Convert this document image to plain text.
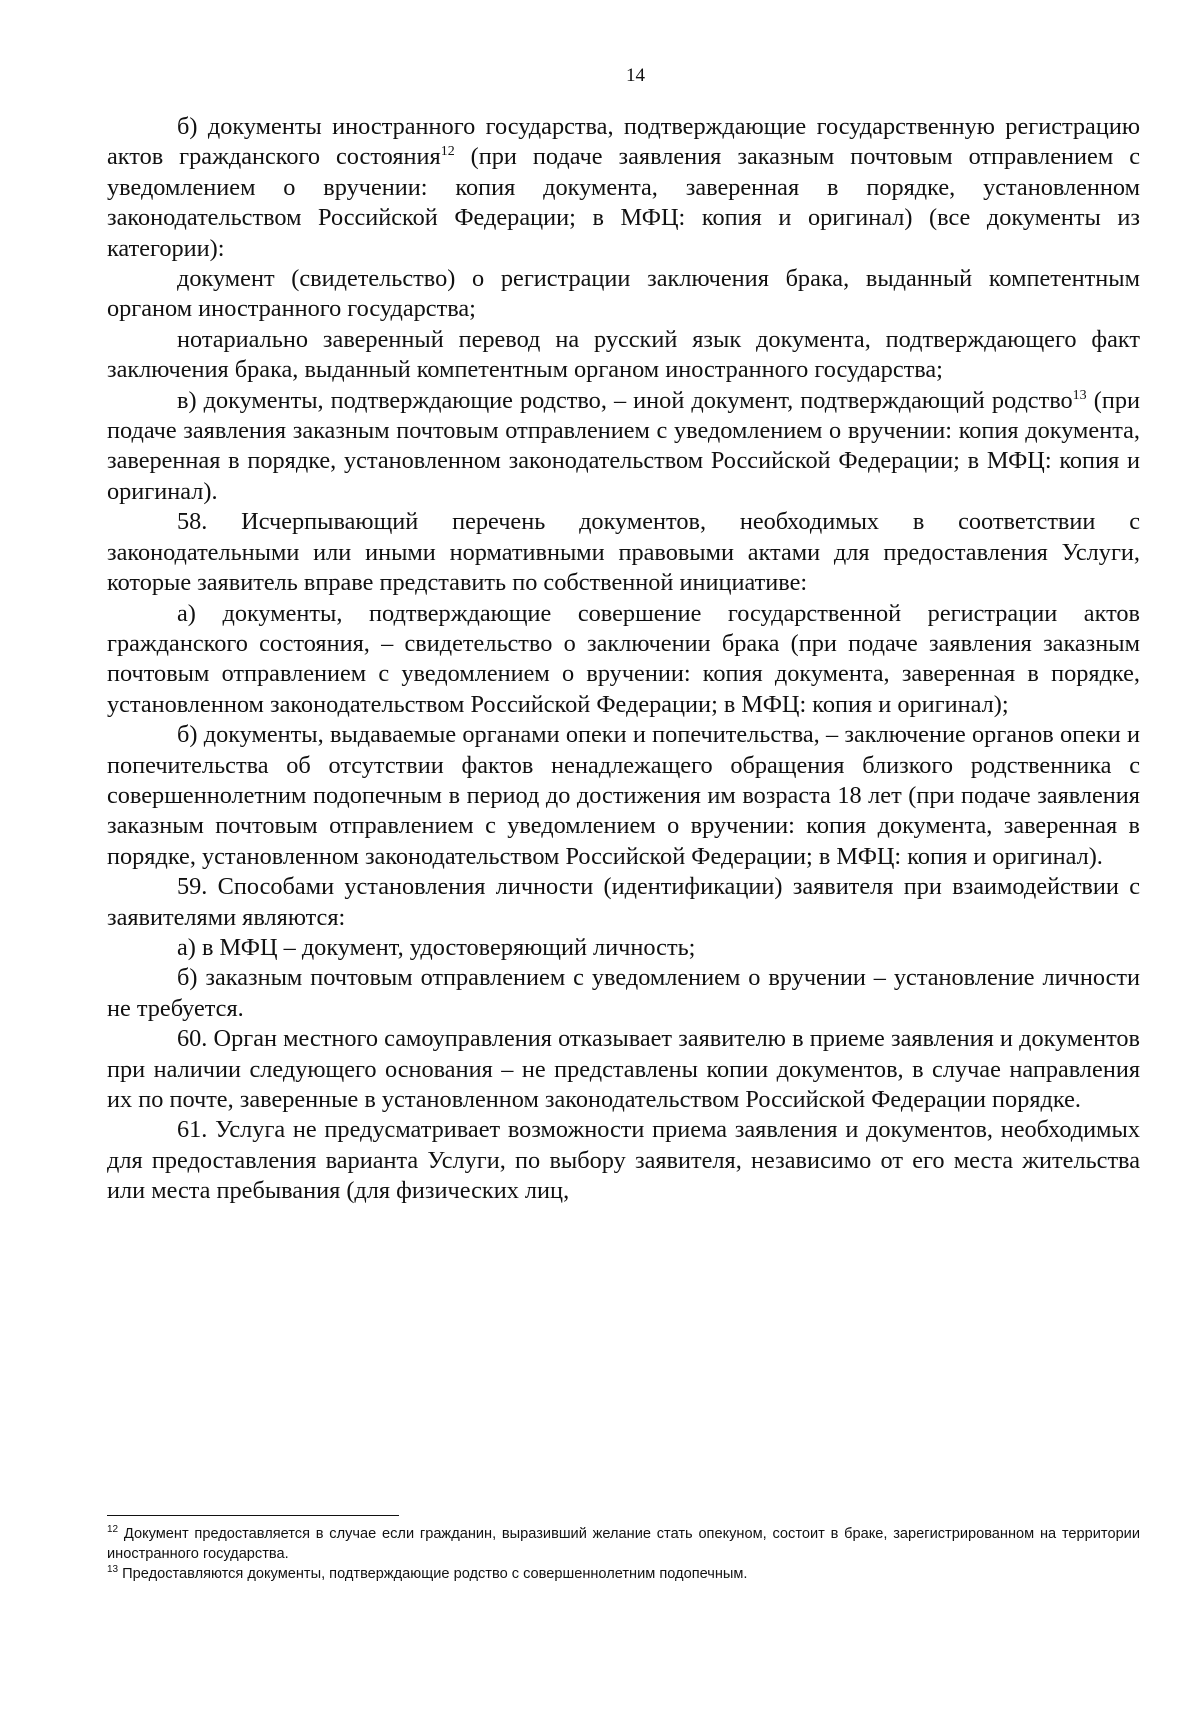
14

б) документы иностранного государства, подтверждающие государственную регистрацию актов гражданского состояния$^{12}$ (при подаче заявления заказным почтовым отправлением с уведомлением о вручении: копия документа, заверенная в порядке, установленном законодательством Российской Федерации; в МФЦ: копия и оригинал) (все документы из категории):

документ (свидетельство) о регистрации заключения брака, выданный компетентным органом иностранного государства;

нотариально заверенный перевод на русский язык документа, подтверждающего факт заключения брака, выданный компетентным органом иностранного государства;

в) документы, подтверждающие родство, – иной документ, подтверждающий родство$^{13}$ (при подаче заявления заказным почтовым отправлением с уведомлением о вручении: копия документа, заверенная в порядке, установленном законодательством Российской Федерации; в МФЦ: копия и оригинал).

58. Исчерпывающий перечень документов, необходимых в соответствии с законодательными или иными нормативными правовыми актами для предоставления Услуги, которые заявитель вправе представить по собственной инициативе:

а) документы, подтверждающие совершение государственной регистрации актов гражданского состояния, – свидетельство о заключении брака (при подаче заявления заказным почтовым отправлением с уведомлением о вручении: копия документа, заверенная в порядке, установленном законодательством Российской Федерации; в МФЦ: копия и оригинал);

б) документы, выдаваемые органами опеки и попечительства, – заключение органов опеки и попечительства об отсутствии фактов ненадлежащего обращения близкого родственника с совершеннолетним подопечным в период до достижения им возраста 18 лет (при подаче заявления заказным почтовым отправлением с уведомлением о вручении: копия документа, заверенная в порядке, установленном законодательством Российской Федерации; в МФЦ: копия и оригинал).

59. Способами установления личности (идентификации) заявителя при взаимодействии с заявителями являются:

а) в МФЦ – документ, удостоверяющий личность;

б) заказным почтовым отправлением с уведомлением о вручении – установление личности не требуется.

60. Орган местного самоуправления отказывает заявителю в приеме заявления и документов при наличии следующего основания – не представлены копии документов, в случае направления их по почте, заверенные в установленном законодательством Российской Федерации порядке.

61. Услуга не предусматривает возможности приема заявления и документов, необходимых для предоставления варианта Услуги, по выбору заявителя, независимо от его места жительства или места пребывания (для физических лиц,

$^{12}$ Документ предоставляется в случае если гражданин, выразивший желание стать опекуном, состоит в браке, зарегистрированном на территории иностранного государства.
$^{13}$ Предоставляются документы, подтверждающие родство с совершеннолетним подопечным.
